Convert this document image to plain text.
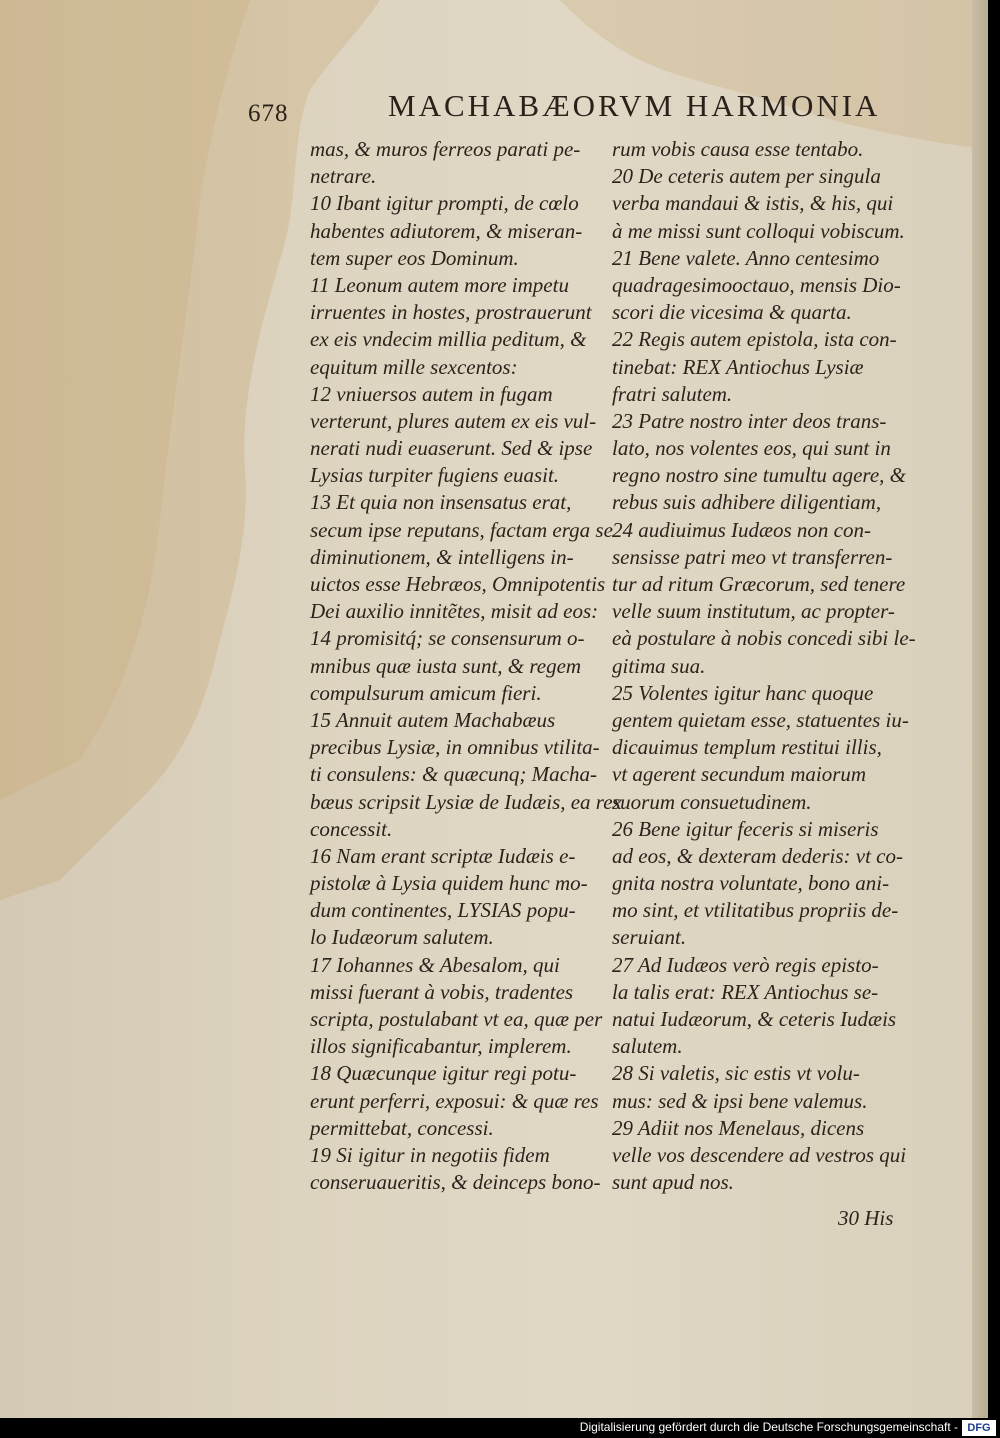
678	MACHABÆORVM HARMONIA
mas, & muros ferreos parati pe-
netrare.
10 Ibant igitur prompti, de cœlo
habentes adiutorem, & miseran-
tem super eos Dominum.
11 Leonum autem more impetu
irruentes in hostes, prostrauerunt
ex eis vndecim millia peditum, &
equitum mille sexcentos:
12 vniuersos autem in fugam
verterunt, plures autem ex eis vul-
nerati nudi euaserunt. Sed & ipse
Lysias turpiter fugiens euasit.
13 Et quia non insensatus erat,
secum ipse reputans, factam erga se
diminutionem, & intelligens in-
uictos esse Hebræos, Omnipotentis
Dei auxilio innitẽtes, misit ad eos:
14 promisitq́; se consensurum o-
mnibus quæ iusta sunt, & regem
compulsurum amicum fieri.
15 Annuit autem Machabæus
precibus Lysiæ, in omnibus vtilita-
ti consulens: & quæcunq; Macha-
bæus scripsit Lysiæ de Iudæis, ea rex
concessit.
16 Nam erant scriptæ Iudæis e-
pistolæ à Lysia quidem hunc mo-
dum continentes, LYSIAS popu-
lo Iudæorum salutem.
17 Iohannes & Abesalom, qui
missi fuerant à vobis, tradentes
scripta, postulabant vt ea, quæ per
illos significabantur, implerem.
18 Quæcunque igitur regi potu-
erunt perferri, exposui: & quæ res
permittebat, concessi.
19 Si igitur in negotiis fidem
conseruaueritis, & deinceps bono-
rum vobis causa esse tentabo.
20 De ceteris autem per singula
verba mandaui & istis, & his, qui
à me missi sunt colloqui vobiscum.
21 Bene valete. Anno centesimo
quadragesimooctauo, mensis Dio-
scori die vicesima & quarta.
22 Regis autem epistola, ista con-
tinebat: REX Antiochus Lysiæ
fratri salutem.
23 Patre nostro inter deos trans-
lato, nos volentes eos, qui sunt in
regno nostro sine tumultu agere, &
rebus suis adhibere diligentiam,
24 audiuimus Iudæos non con-
sensisse patri meo vt transferren-
tur ad ritum Græcorum, sed tenere
velle suum institutum, ac propter-
eà postulare à nobis concedi sibi le-
gitima sua.
25 Volentes igitur hanc quoque
gentem quietam esse, statuentes iu-
dicauimus templum restitui illis,
vt agerent secundum maiorum
suorum consuetudinem.
26 Bene igitur feceris si miseris
ad eos, & dexteram dederis: vt co-
gnita nostra voluntate, bono ani-
mo sint, et vtilitatibus propriis de-
seruiant.
27 Ad Iudæos verò regis episto-
la talis erat: REX Antiochus se-
natui Iudæorum, & ceteris Iudæis
salutem.
28 Si valetis, sic estis vt volu-
mus: sed & ipsi bene valemus.
29 Adiit nos Menelaus, dicens
velle vos descendere ad vestros qui
sunt apud nos.
30 His
Digitalisierung gefördert durch die Deutsche Forschungsgemeinschaft - DFG
